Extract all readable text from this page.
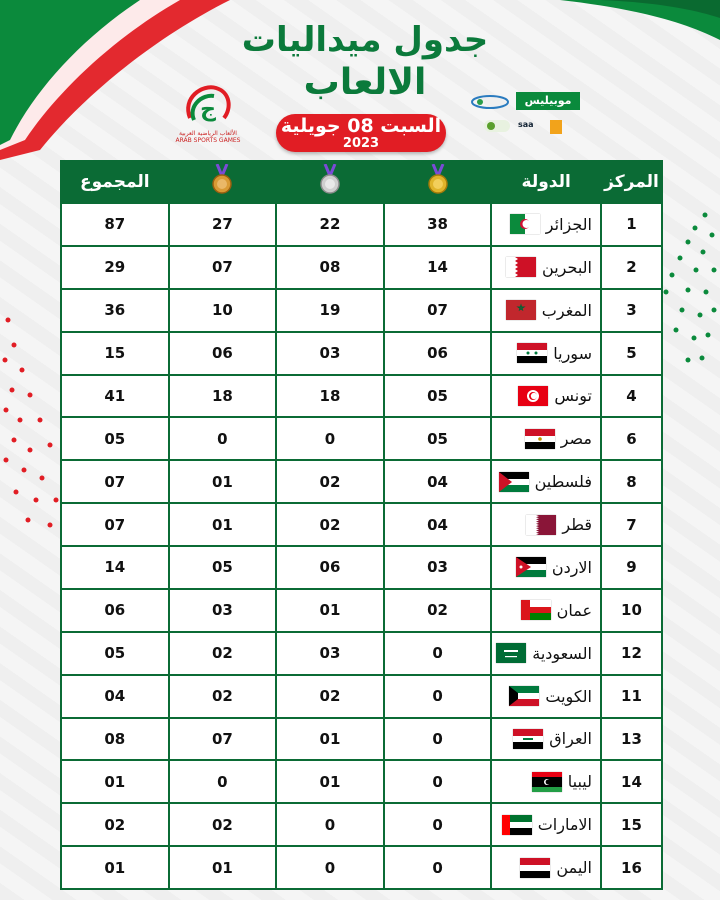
جدول ميداليات
الالعاب
السبت 08 جويلية
2023
ج
الألعاب الرياضية العربية
ARAB SPORTS GAMES
موبيليس
saa
المركز	الدولة				المجموع
1	الجزائر	38	22	27	87
2	البحرين	14	08	07	29
3	المغرب	07	19	10	36
5	سوريا	06	03	06	15
4	تونس	05	18	18	41
6	مصر	05	0	0	05
8	فلسطين	04	02	01	07
7	قطر	04	02	01	07
9	الاردن	03	06	05	14
10	عمان	02	01	03	06
12	السعودية	0	03	02	05
11	الكويت	0	02	02	04
13	العراق	0	01	07	08
14	ليبيا	0	01	0	01
15	الامارات	0	0	02	02
16	اليمن	0	0	01	01
